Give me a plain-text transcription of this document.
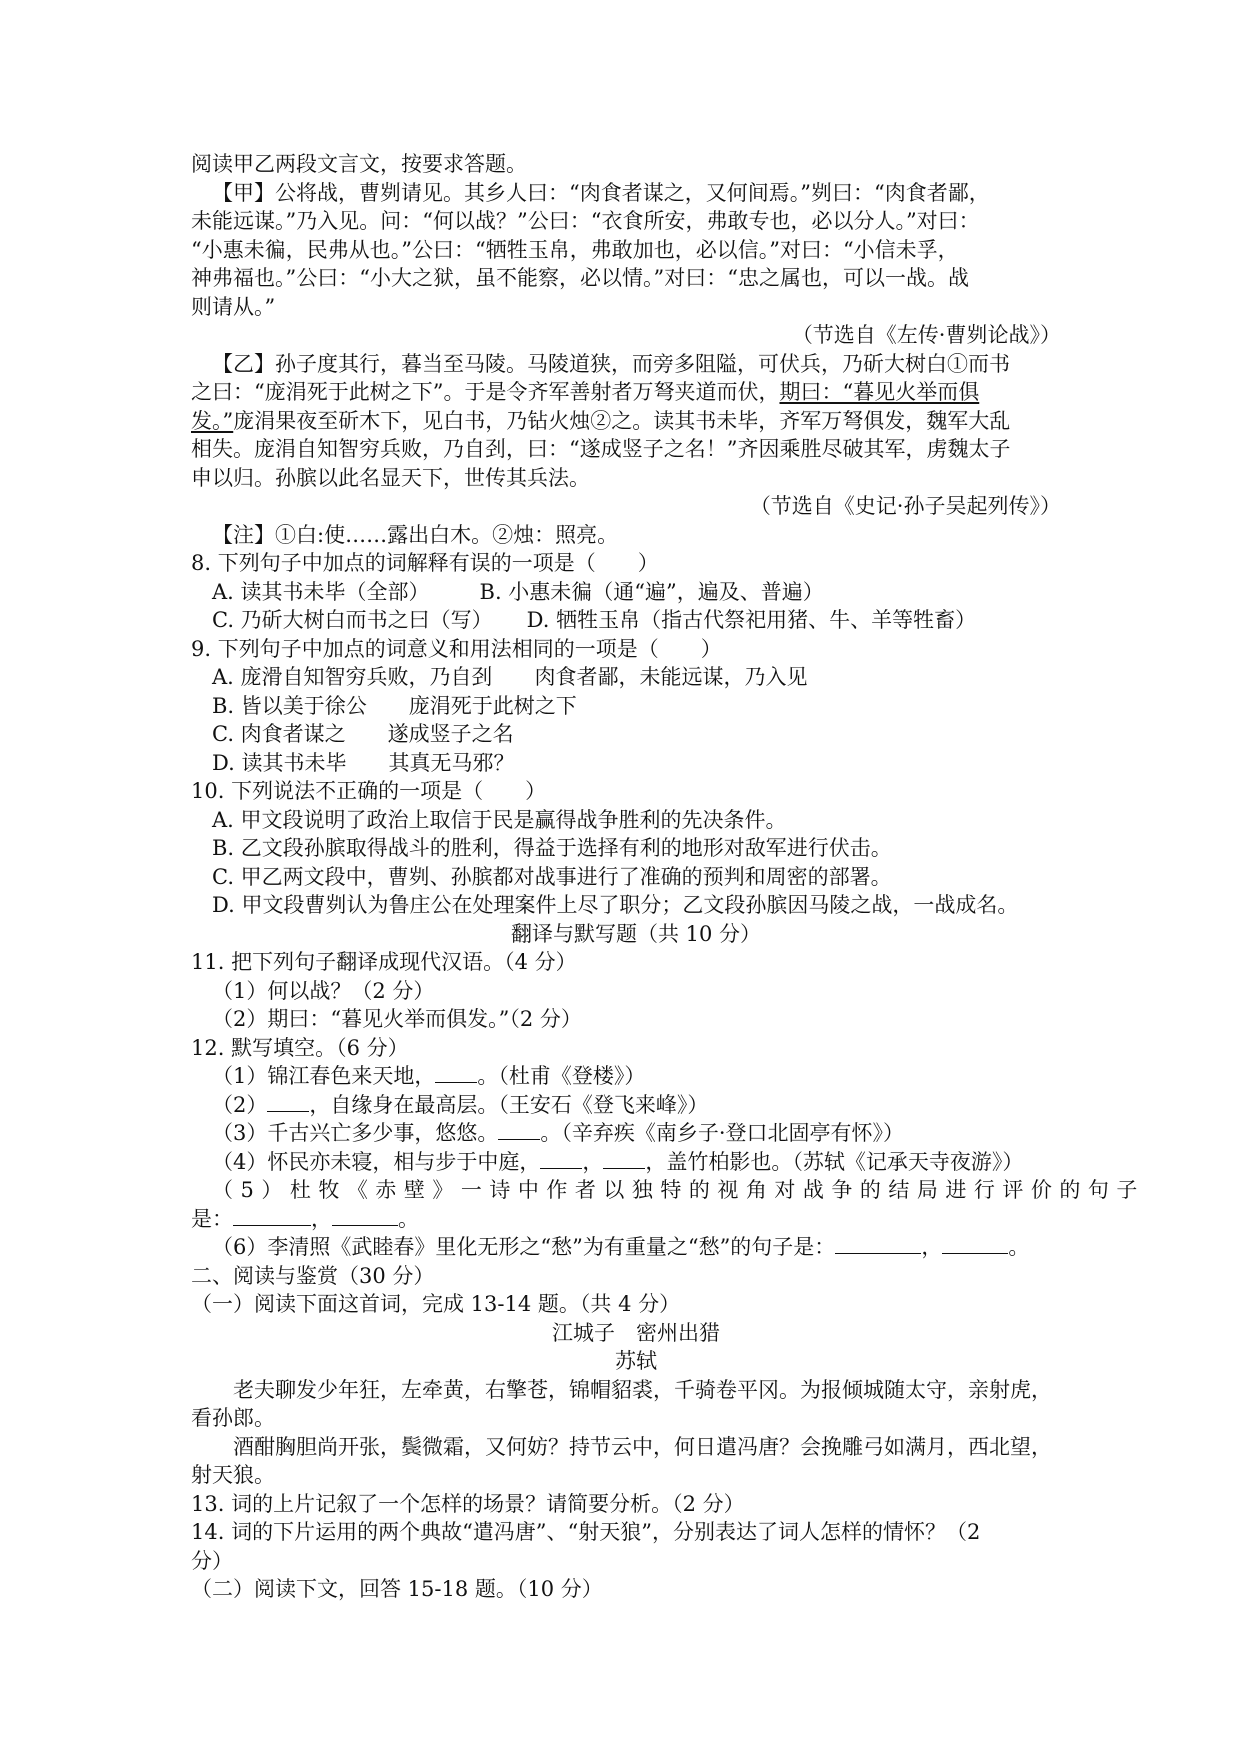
阅读甲乙两段文言文，按要求答题。
【甲】公将战，曹刿请见。其乡人曰：“肉食者谋之，又何间焉。”刿曰：“肉食者鄙，
未能远谋。”乃入见。问：“何以战？”公曰：“衣食所安，弗敢专也，必以分人。”对曰：
“小惠未徧，民弗从也。”公曰：“牺牲玉帛，弗敢加也，必以信。”对曰：“小信未孚，
神弗福也。”公曰：“小大之狱，虽不能察，必以情。”对曰：“忠之属也，可以一战。战
则请从。”
（节选自《左传·曹刿论战》）
【乙】孙子度其行，暮当至马陵。马陵道狭，而旁多阻隘，可伏兵，乃斫大树白①而书
之曰：“庞涓死于此树之下”。于是令齐军善射者万弩夹道而伏，期曰：“暮见火举而俱
发。”庞涓果夜至斫木下，见白书，乃钻火烛②之。读其书未毕，齐军万弩俱发，魏军大乱
相失。庞涓自知智穷兵败，乃自刭，曰：“遂成竖子之名！”齐因乘胜尽破其军，虏魏太子
申以归。孙膑以此名显天下，世传其兵法。
（节选自《史记·孙子吴起列传》）
【注】①白:使……露出白木。②烛：照亮。
8. 下列句子中加点的词解释有误的一项是（　　）
A. 读其书未毕（全部） B. 小惠未徧（通“遍”，遍及、普遍）
C. 乃斫大树白而书之曰（写） D. 牺牲玉帛（指古代祭祀用猪、牛、羊等牲畜）
9. 下列句子中加点的词意义和用法相同的一项是（　　）
A. 庞滑自知智穷兵败，乃自刭　　肉食者鄙，未能远谋，乃入见
B. 皆以美于徐公　　庞涓死于此树之下
C. 肉食者谋之　　遂成竖子之名
D. 读其书未毕　　其真无马邪？
10. 下列说法不正确的一项是（　　）
A. 甲文段说明了政治上取信于民是赢得战争胜利的先决条件。
B. 乙文段孙膑取得战斗的胜利，得益于选择有利的地形对敌军进行伏击。
C. 甲乙两文段中，曹刿、孙膑都对战事进行了准确的预判和周密的部署。
D. 甲文段曹刿认为鲁庄公在处理案件上尽了职分；乙文段孙膑因马陵之战，一战成名。
翻译与默写题（共 10 分）
11. 把下列句子翻译成现代汉语。（4 分）
（1）何以战？（2 分）
（2）期曰：“暮见火举而俱发。”（2 分）
12. 默写填空。（6 分）
（1）锦江春色来天地， 。（杜甫《登楼》）
（2） ，自缘身在最高层。（王安石《登飞来峰》）
（3）千古兴亡多少事，悠悠。 。（辛弃疾《南乡子·登口北固亭有怀》）
（4）怀民亦未寝，相与步于中庭， ， ，盖竹柏影也。（苏轼《记承天寺夜游》）
（5）杜牧《赤壁》一诗中作者以独特的视角对战争的结局进行评价的句子
是：	，	。
（6）李清照《武睦春》里化无形之“愁”为有重量之“愁”的句子是：	，	。
二、阅读与鉴赏（30 分）
（一）阅读下面这首词，完成 13-14 题。（共 4 分）
江城子　密州出猎
苏轼
老夫聊发少年狂，左牵黄，右擎苍，锦帽貂裘，千骑卷平冈。为报倾城随太守，亲射虎，
看孙郎。
酒酣胸胆尚开张，鬓微霜，又何妨？持节云中，何日遣冯唐？会挽雕弓如满月，西北望，
射天狼。
13. 词的上片记叙了一个怎样的场景？请简要分析。（2 分）
14. 词的下片运用的两个典故“遣冯唐”、“射天狼”，分别表达了词人怎样的情怀？（2
分）
（二）阅读下文，回答 15-18 题。（10 分）
